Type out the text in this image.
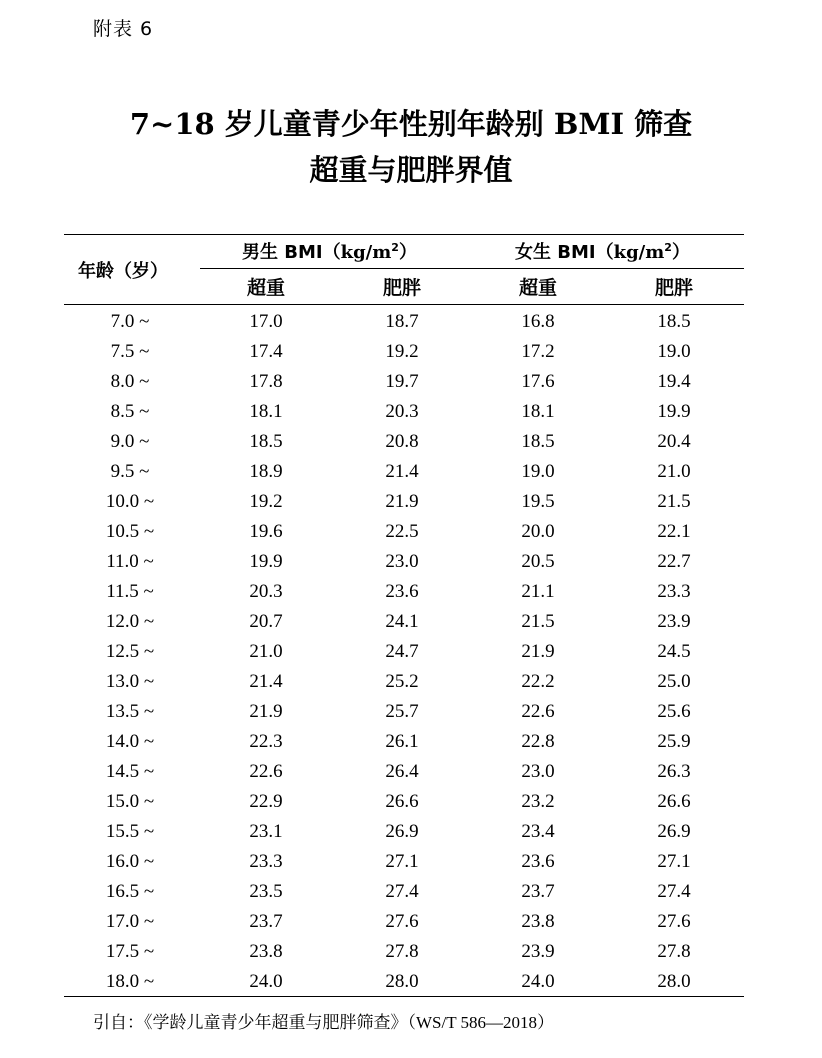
附表 6
7~18 岁儿童青少年性别年龄别 BMI 筛查
超重与肥胖界值
年龄（岁）
男生 $BMI(kg/m^2)$	女生 $BMI(kg/m^2)$
超重	肥胖	超重	肥胖
7.0 ~	17.0	18.7	16.8	18.5
7.5 ~	17.4	19.2	17.2	19.0
8.0 ~	17.8	19.7	17.6	19.4
8.5 ~	18.1	20.3	18.1	19.9
9.0 ~	18.5	20.8	18.5	20.4
9.5 ~	18.9	21.4	19.0	21.0
10.0 ~	19.2	21.9	19.5	21.5
10.5 ~	19.6	22.5	20.0	22.1
11.0 ~	19.9	23.0	20.5	22.7
11.5 ~	20.3	23.6	21.1	23.3
12.0 ~	20.7	24.1	21.5	23.9
12.5 ~	21.0	24.7	21.9	24.5
13.0 ~	21.4	25.2	22.2	25.0
13.5 ~	21.9	25.7	22.6	25.6
14.0 ~	22.3	26.1	22.8	25.9
14.5 ~	22.6	26.4	23.0	26.3
15.0 ~	22.9	26.6	23.2	26.6
15.5 ~	23.1	26.9	23.4	26.9
16.0 ~	23.3	27.1	23.6	27.1
16.5 ~	23.5	27.4	23.7	27.4
17.0 ~	23.7	27.6	23.8	27.6
17.5 ~	23.8	27.8	23.9	27.8
18.0 ~	24.0	28.0	24.0	28.0
引自：《学龄儿童青少年超重与肥胖筛查》（WS/T 586—2018）
